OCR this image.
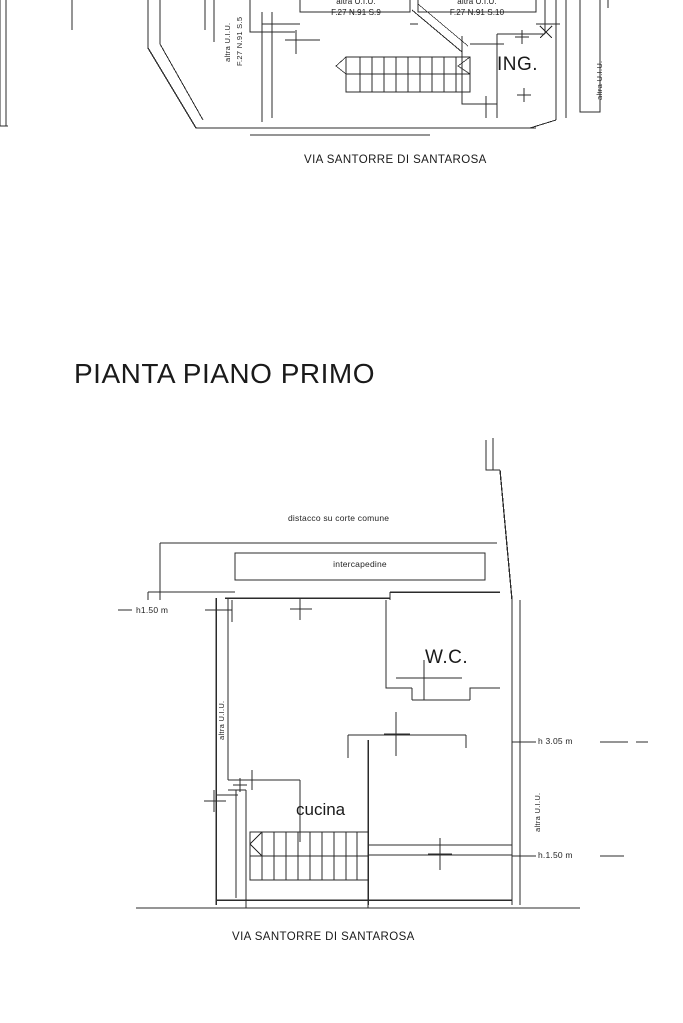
altra U.I.U.
F.27 N.91 S.9
altra U.I.U.
F.27 N.91 S.10
altra U.I.U. F.27 N.91 S.5
altra U.I.U.
ING.
VIA SANTORRE DI SANTAROSA
PIANTA PIANO PRIMO
distacco su corte comune
intercapedine
h1.50 m
h 3.05 m
h.1.50 m
altra U.I.U.
altra U.I.U.
W.C.
cucina
VIA SANTORRE DI SANTAROSA
